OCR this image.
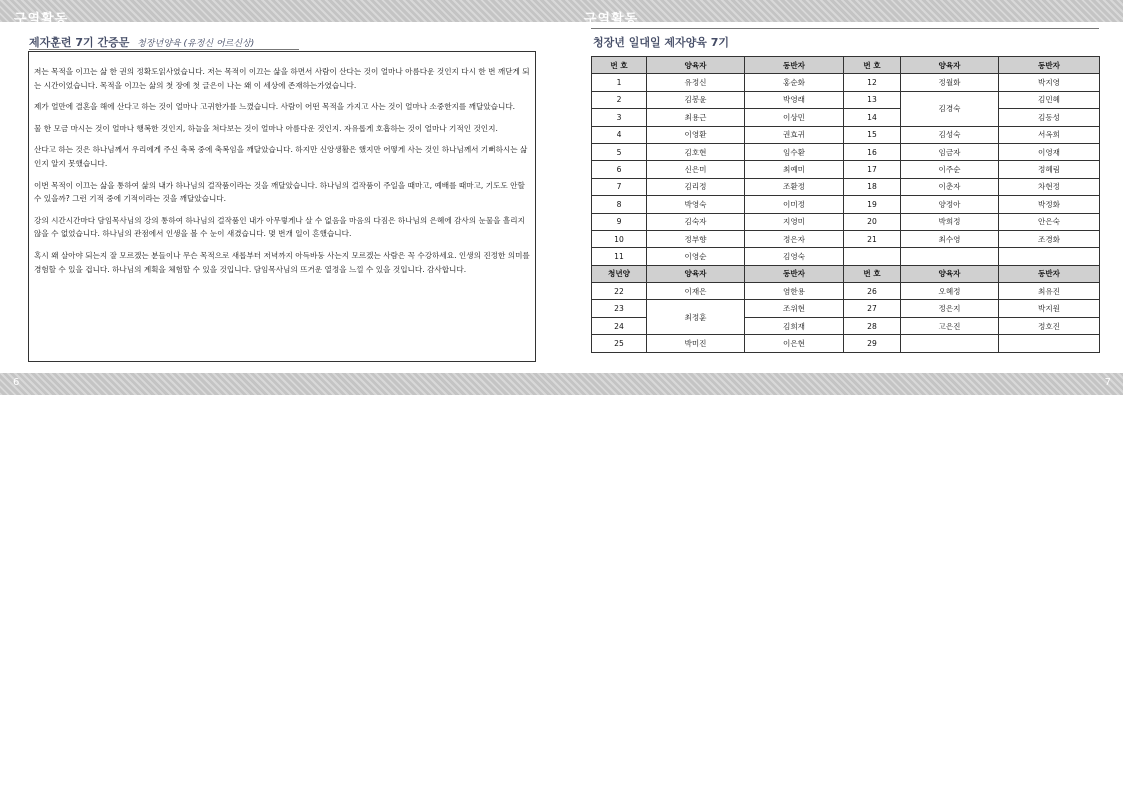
구역활동	구역활동
제자훈련 7기 간증문 청장년양육 (유정신 어르신상)

저는 목적을 이끄는 삶 한 권의 정확도읽사였습니다. 저는 목적이 이끄는 삶을 하면서 사람이 산다는 것이 얼마나 아름다운 것인지 다시 한 번 깨닫게 되는 시간이었습니다. 목적을 이끄는 삶의 첫 장에 첫 글은이 나는 왜 이 세상에 존재하는가였습니다.

제가 얼만에 결혼을 해에 산다고 하는 것이 얼마나 고귀한가를 느꼈습니다. 사람이 어떤 목적을 가지고 사는 것이 얼마나 소중한지를 깨달았습니다.

물 한 모금 마시는 것이 얼마나 행복한 것인지, 하늘을 쳐다보는 것이 얼마나 아름다운 것인지. 자유롭게 호흡하는 것이 얼마나 기적인 것인지.

산다고 하는 것은 하나님께서 우리에게 주신 축복 중에 축복임을 깨달았습니다. 하지만 신앙생활은 했지만 어떻게 사는 것인 하나님께서 기뻐하시는 삶인지 알지 못했습니다.

이번 목적이 이끄는 삶을 통하여 삶의 내가 하나님의 걸작품이라는 것을 깨달았습니다. 하나님의 걸작품이 주일을 때마고, 예배를 때마고, 기도도 안할 수 있을까? 그런 기적 중에 기적이라는 것을 깨달았습니다.

강의 시간시간마다 담임목사님의 강의 통하여 하나님의 걸작품인 내가 아무렇게나 살 수 없음을 마음의 다짐은 하나님의 은혜에 감사의 눈물을 흘리지 않을 수 없었습니다. 하나님의 관점에서 인생을 볼 수 눈이 새겼습니다. 몇 번개 일이 흔했습니다.

혹시 왜 살아야 되는지 잘 모르겠는 분들이나 무슨 목적으로 새롭부터 저녁까지 아득바둥 사는지 모르겠는 사람은 꼭 수강하세요. 인생의 진정한 의미를 경험할 수 있을 겁니다. 하나님의 계획을 체험할 수 있을 것입니다. 담임목사님의 뜨거운 열정을 느낄 수 있을 것입니다. 감사합니다.

청장년 일대일 제자양육 7기
번 호	양육자	동반자	번 호	양육자	동반자
1	유정신	홍순화	12	정월화	박지영
2	김봉윤	박영래	13	김경숙	김민혜
3	최용근	이상민	14		김동성
4	이영환	권효귀	15	김성숙	서옥희
5	김호현	임수환	16	임금자	이영재
6	신은미	최예미	17	이주순	정혜림
7	김리정	조환정	18	이춘자	차현정
8	박영숙	이미정	19	양정아	박정화
9	김숙자	지영미	20	박희정	안은숙
10	정부향	정은자	21	최수영	조경화
11	이영순	김영숙			
청년양	양육자	동반자	번 호	양육자	동반자
22	이재은	염한용	26	오혜정	최유진
23	최정훈	조위현	27	정은지	박지원
24		김희재	28	고은진	정호진
25	박미진	이은현	29		
6	7
